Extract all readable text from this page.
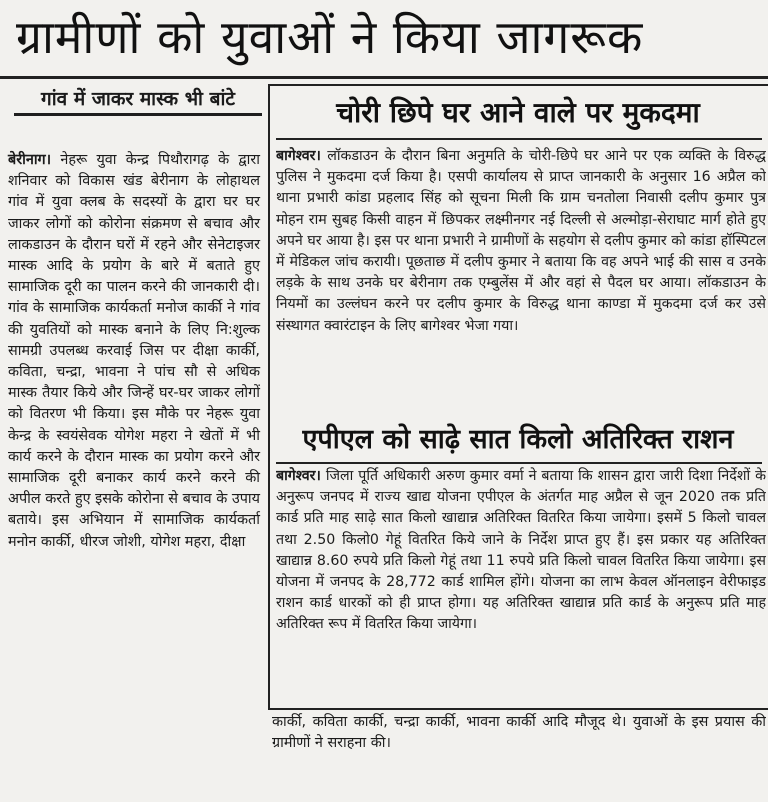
ग्रामीणों को युवाओं ने किया जागरूक
गांव में जाकर मास्क भी बांटे

बेरीनाग। नेहरू युवा केन्द्र पिथौरागढ़ के द्वारा शनिवार को विकास खंड बेरीनाग के लोहाथल गांव में युवा क्लब के सदस्यों के द्वारा घर घर जाकर लोगों को कोरोना संक्रमण से बचाव और लाकडाउन के दौरान घरों में रहने और सेनेटाइजर मास्क आदि के प्रयोग के बारे में बताते हुए सामाजिक दूरी का पालन करने की जानकारी दी। गांव के सामाजिक कार्यकर्ता मनोज कार्की ने गांव की युवतियों को मास्क बनाने के लिए नि:शुल्क सामग्री उपलब्ध करवाई जिस पर दीक्षा कार्की, कविता, चन्द्रा, भावना ने पांच सौ से अधिक मास्क तैयार किये और जिन्हें घर-घर जाकर लोगों को वितरण भी किया। इस मौके पर नेहरू युवा केन्द्र के स्वयंसेवक योगेश महरा ने खेतों में भी कार्य करने के दौरान मास्क का प्रयोग करने और सामाजिक दूरी बनाकर कार्य करने करने की अपील करते हुए इसके कोरोना से बचाव के उपाय बताये। इस अभियान में सामाजिक कार्यकर्ता मनोन कार्की, धीरज जोशी, योगेश महरा, दीक्षा

चोरी छिपे घर आने वाले पर मुकदमा

बागेश्वर। लॉकडाउन के दौरान बिना अनुमति के चोरी-छिपे घर आने पर एक व्यक्ति के विरुद्ध पुलिस ने मुकदमा दर्ज किया है। एसपी कार्यालय से प्राप्त जानकारी के अनुसार 16 अप्रैल को थाना प्रभारी कांडा प्रहलाद सिंह को सूचना मिली कि ग्राम चनतोला निवासी दलीप कुमार पुत्र मोहन राम सुबह किसी वाहन में छिपकर लक्ष्मीनगर नई दिल्ली से अल्मोड़ा-सेराघाट मार्ग होते हुए अपने घर आया है। इस पर थाना प्रभारी ने ग्रामीणों के सहयोग से दलीप कुमार को कांडा हॉस्पिटल में मेडिकल जांच करायी। पूछताछ में दलीप कुमार ने बताया कि वह अपने भाई की सास व उनके लड़के के साथ उनके घर बेरीनाग तक एम्बुलेंस में और वहां से पैदल घर आया। लॉकडाउन के नियमों का उल्लंघन करने पर दलीप कुमार के विरुद्ध थाना काण्डा में मुकदमा दर्ज कर उसे संस्थागत क्वारंटाइन के लिए बागेश्वर भेजा गया।

एपीएल को साढ़े सात किलो अतिरिक्त राशन

बागेश्वर। जिला पूर्ति अधिकारी अरुण कुमार वर्मा ने बताया कि शासन द्वारा जारी दिशा निर्देशों के अनुरूप जनपद में राज्य खाद्य योजना एपीएल के अंतर्गत माह अप्रैल से जून 2020 तक प्रति कार्ड प्रति माह साढ़े सात किलो खाद्यान्न अतिरिक्त वितरित किया जायेगा। इसमें 5 किलो चावल तथा 2.50 किलो0 गेहूं वितरित किये जाने के निर्देश प्राप्त हुए हैं। इस प्रकार यह अतिरिक्त खाद्यान्न 8.60 रुपये प्रति किलो गेहूं तथा 11 रुपये प्रति किलो चावल वितरित किया जायेगा। इस योजना में जनपद के 28,772 कार्ड शामिल होंगे। योजना का लाभ केवल ऑनलाइन वेरीफाइड राशन कार्ड धारकों को ही प्राप्त होगा। यह अतिरिक्त खाद्यान्न प्रति कार्ड के अनुरूप प्रति माह अतिरिक्त रूप में वितरित किया जायेगा।

कार्की, कविता कार्की, चन्द्रा कार्की, भावना कार्की आदि मौजूद थे। युवाओं के इस प्रयास की ग्रामीणों ने सराहना की।
